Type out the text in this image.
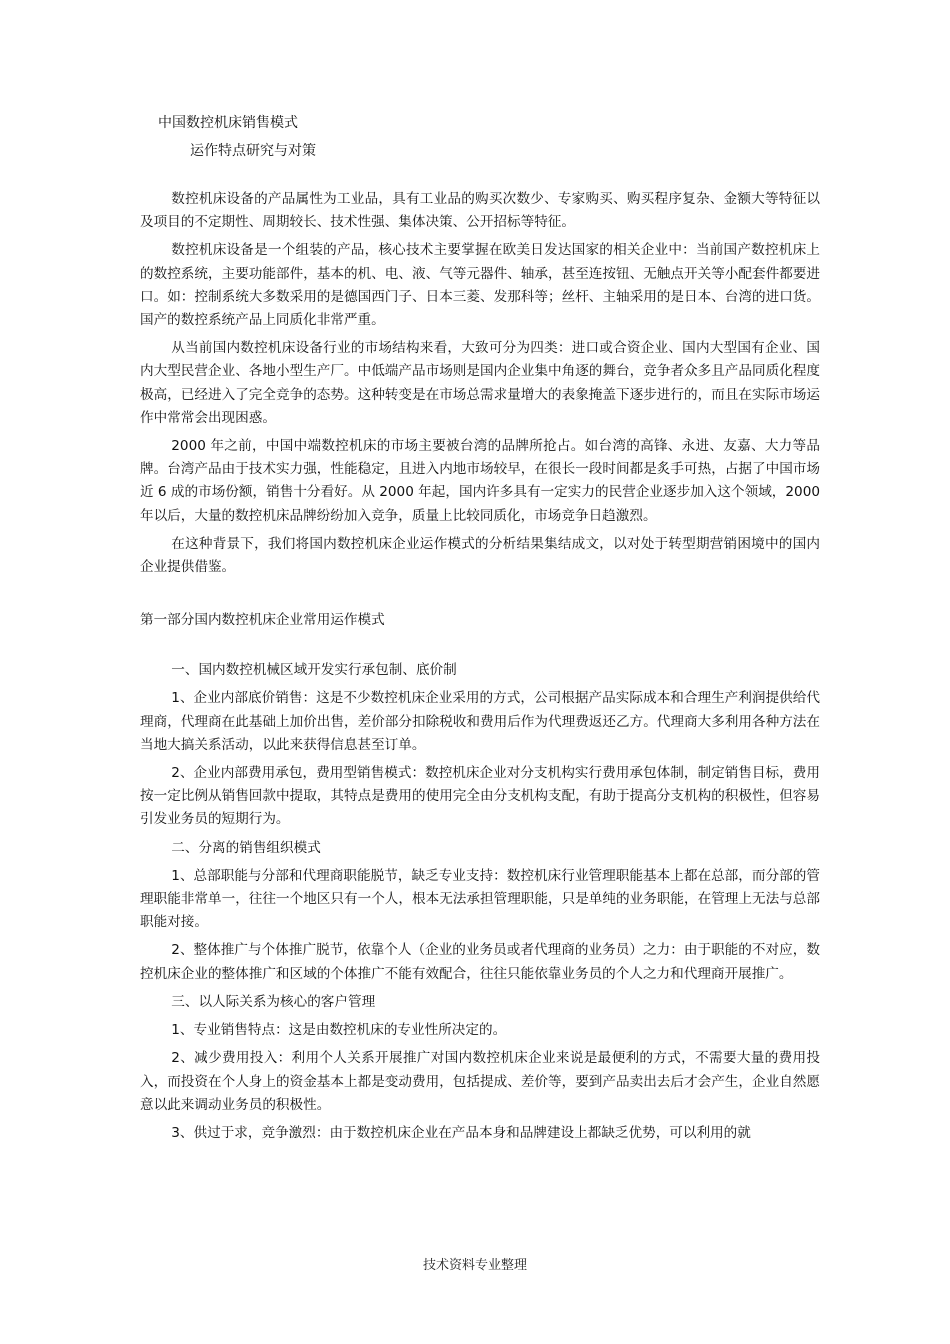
中国数控机床销售模式
运作特点研究与对策

数控机床设备的产品属性为工业品，具有工业品的购买次数少、专家购买、购买程序复杂、金额大等特征以及项目的不定期性、周期较长、技术性强、集体决策、公开招标等特征。

数控机床设备是一个组装的产品，核心技术主要掌握在欧美日发达国家的相关企业中：当前国产数控机床上的数控系统，主要功能部件，基本的机、电、液、气等元器件、轴承，甚至连按钮、无触点开关等小配套件都要进口。如：控制系统大多数采用的是德国西门子、日本三菱、发那科等；丝杆、主轴采用的是日本、台湾的进口货。国产的数控系统产品上同质化非常严重。

从当前国内数控机床设备行业的市场结构来看，大致可分为四类：进口或合资企业、国内大型国有企业、国内大型民营企业、各地小型生产厂。中低端产品市场则是国内企业集中角逐的舞台，竞争者众多且产品同质化程度极高，已经进入了完全竞争的态势。这种转变是在市场总需求量增大的表象掩盖下逐步进行的，而且在实际市场运作中常常会出现困惑。

2000 年之前，中国中端数控机床的市场主要被台湾的品牌所抢占。如台湾的高锋、永进、友嘉、大力等品牌。台湾产品由于技术实力强，性能稳定，且进入内地市场较早，在很长一段时间都是炙手可热，占据了中国市场近 6 成的市场份额，销售十分看好。从 2000 年起，国内许多具有一定实力的民营企业逐步加入这个领域，2000 年以后，大量的数控机床品牌纷纷加入竞争，质量上比较同质化，市场竞争日趋激烈。

在这种背景下，我们将国内数控机床企业运作模式的分析结果集结成文，以对处于转型期营销困境中的国内企业提供借鉴。

第一部分国内数控机床企业常用运作模式

一、国内数控机械区域开发实行承包制、底价制

1、企业内部底价销售：这是不少数控机床企业采用的方式，公司根据产品实际成本和合理生产利润提供给代理商，代理商在此基础上加价出售，差价部分扣除税收和费用后作为代理费返还乙方。代理商大多利用各种方法在当地大搞关系活动，以此来获得信息甚至订单。

2、企业内部费用承包，费用型销售模式：数控机床企业对分支机构实行费用承包体制，制定销售目标，费用按一定比例从销售回款中提取，其特点是费用的使用完全由分支机构支配，有助于提高分支机构的积极性，但容易引发业务员的短期行为。

二、分离的销售组织模式

1、总部职能与分部和代理商职能脱节，缺乏专业支持：数控机床行业管理职能基本上都在总部，而分部的管理职能非常单一，往往一个地区只有一个人，根本无法承担管理职能，只是单纯的业务职能，在管理上无法与总部职能对接。

2、整体推广与个体推广脱节，依靠个人（企业的业务员或者代理商的业务员）之力：由于职能的不对应，数控机床企业的整体推广和区域的个体推广不能有效配合，往往只能依靠业务员的个人之力和代理商开展推广。

三、以人际关系为核心的客户管理

1、专业销售特点：这是由数控机床的专业性所决定的。

2、减少费用投入：利用个人关系开展推广对国内数控机床企业来说是最便利的方式，不需要大量的费用投入，而投资在个人身上的资金基本上都是变动费用，包括提成、差价等，要到产品卖出去后才会产生，企业自然愿意以此来调动业务员的积极性。

3、供过于求，竞争激烈：由于数控机床企业在产品本身和品牌建设上都缺乏优势，可以利用的就

技术资料专业整理
